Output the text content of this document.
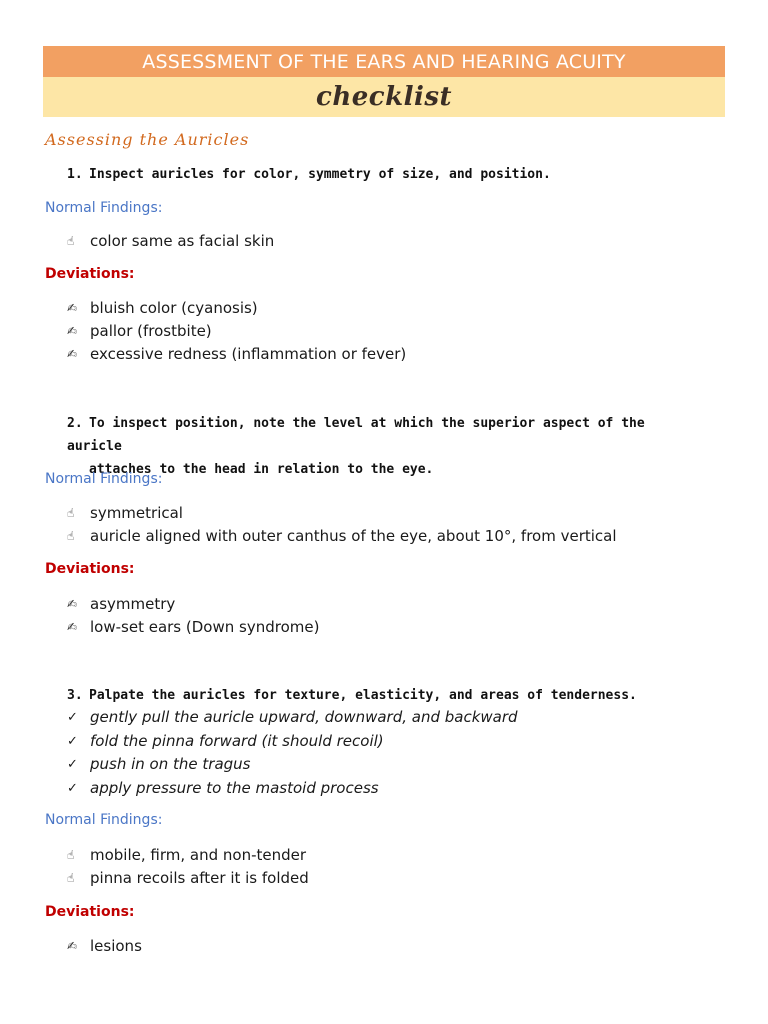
ASSESSMENT OF THE EARS AND HEARING ACUITY
checklist
Assessing the Auricles
1. Inspect auricles for color, symmetry of size, and position.
Normal Findings:
☝	color same as facial skin
Deviations:
✍ bluish color (cyanosis)
✍ pallor (frostbite)
✍ excessive redness (inflammation or fever)
2. To inspect position, note the level at which the superior aspect of the auricle
attaches to the head in relation to the eye.
Normal Findings:
☝	symmetrical
☝	auricle aligned with outer canthus of the eye, about 10°, from vertical
Deviations:
✍ asymmetry
✍ low-set ears (Down syndrome)
3. Palpate the auricles for texture, elasticity, and areas of tenderness.
✓ gently pull the auricle upward, downward, and backward
✓ fold the pinna forward (it should recoil)
✓ push in on the tragus
✓ apply pressure to the mastoid process
Normal Findings:
☝	mobile, firm, and non-tender
☝	pinna recoils after it is folded
Deviations:
✍ lesions
